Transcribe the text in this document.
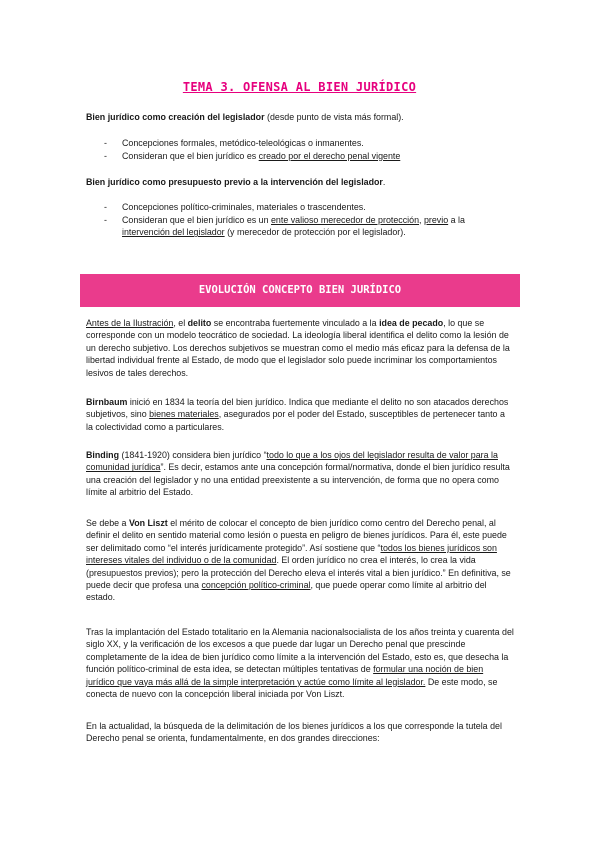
TEMA 3. OFENSA AL BIEN JURÍDICO
Bien jurídico como creación del legislador (desde punto de vista más formal).
- Concepciones formales, metódico-teleológicas o inmanentes.
- Consideran que el bien jurídico es creado por el derecho penal vigente
Bien jurídico como presupuesto previo a la intervención del legislador.
- Concepciones político-criminales, materiales o trascendentes.
- Consideran que el bien jurídico es un ente valioso merecedor de protección, previo a la intervención del legislador (y merecedor de protección por el legislador).
EVOLUCIÓN CONCEPTO BIEN JURÍDICO
Antes de la Ilustración, el delito se encontraba fuertemente vinculado a la idea de pecado, lo que se corresponde con un modelo teocrático de sociedad. La ideología liberal identifica el delito como la lesión de un derecho subjetivo. Los derechos subjetivos se muestran como el medio más eficaz para la defensa de la libertad individual frente al Estado, de modo que el legislador solo puede incriminar los comportamientos lesivos de tales derechos.
Birnbaum inició en 1834 la teoría del bien jurídico. Indica que mediante el delito no son atacados derechos subjetivos, sino bienes materiales, asegurados por el poder del Estado, susceptibles de pertenecer tanto a la colectividad como a particulares.
Binding (1841-1920) considera bien jurídico “todo lo que a los ojos del legislador resulta de valor para la comunidad jurídica”. Es decir, estamos ante una concepción formal/normativa, donde el bien jurídico resulta una creación del legislador y no una entidad preexistente a su intervención, de forma que no opera como límite al arbitrio del Estado.
Se debe a Von Liszt el mérito de colocar el concepto de bien jurídico como centro del Derecho penal, al definir el delito en sentido material como lesión o puesta en peligro de bienes jurídicos. Para él, este puede ser delimitado como “el interés jurídicamente protegido”. Así sostiene que “todos los bienes jurídicos son intereses vitales del individuo o de la comunidad. El orden jurídico no crea el interés, lo crea la vida (presupuestos previos); pero la protección del Derecho eleva el interés vital a bien jurídico.” En definitiva, se puede decir que profesa una concepción político-criminal, que puede operar como límite al arbitrio del estado.
Tras la implantación del Estado totalitario en la Alemania nacionalsocialista de los años treinta y cuarenta del siglo XX, y la verificación de los excesos a que puede dar lugar un Derecho penal que prescinde completamente de la idea de bien jurídico como límite a la intervención del Estado, esto es, que desecha la función político-criminal de esta idea, se detectan múltiples tentativas de formular una noción de bien jurídico que vaya más allá de la simple interpretación y actúe como límite al legislador. De este modo, se conecta de nuevo con la concepción liberal iniciada por Von Liszt.
En la actualidad, la búsqueda de la delimitación de los bienes jurídicos a los que corresponde la tutela del Derecho penal se orienta, fundamentalmente, en dos grandes direcciones:
